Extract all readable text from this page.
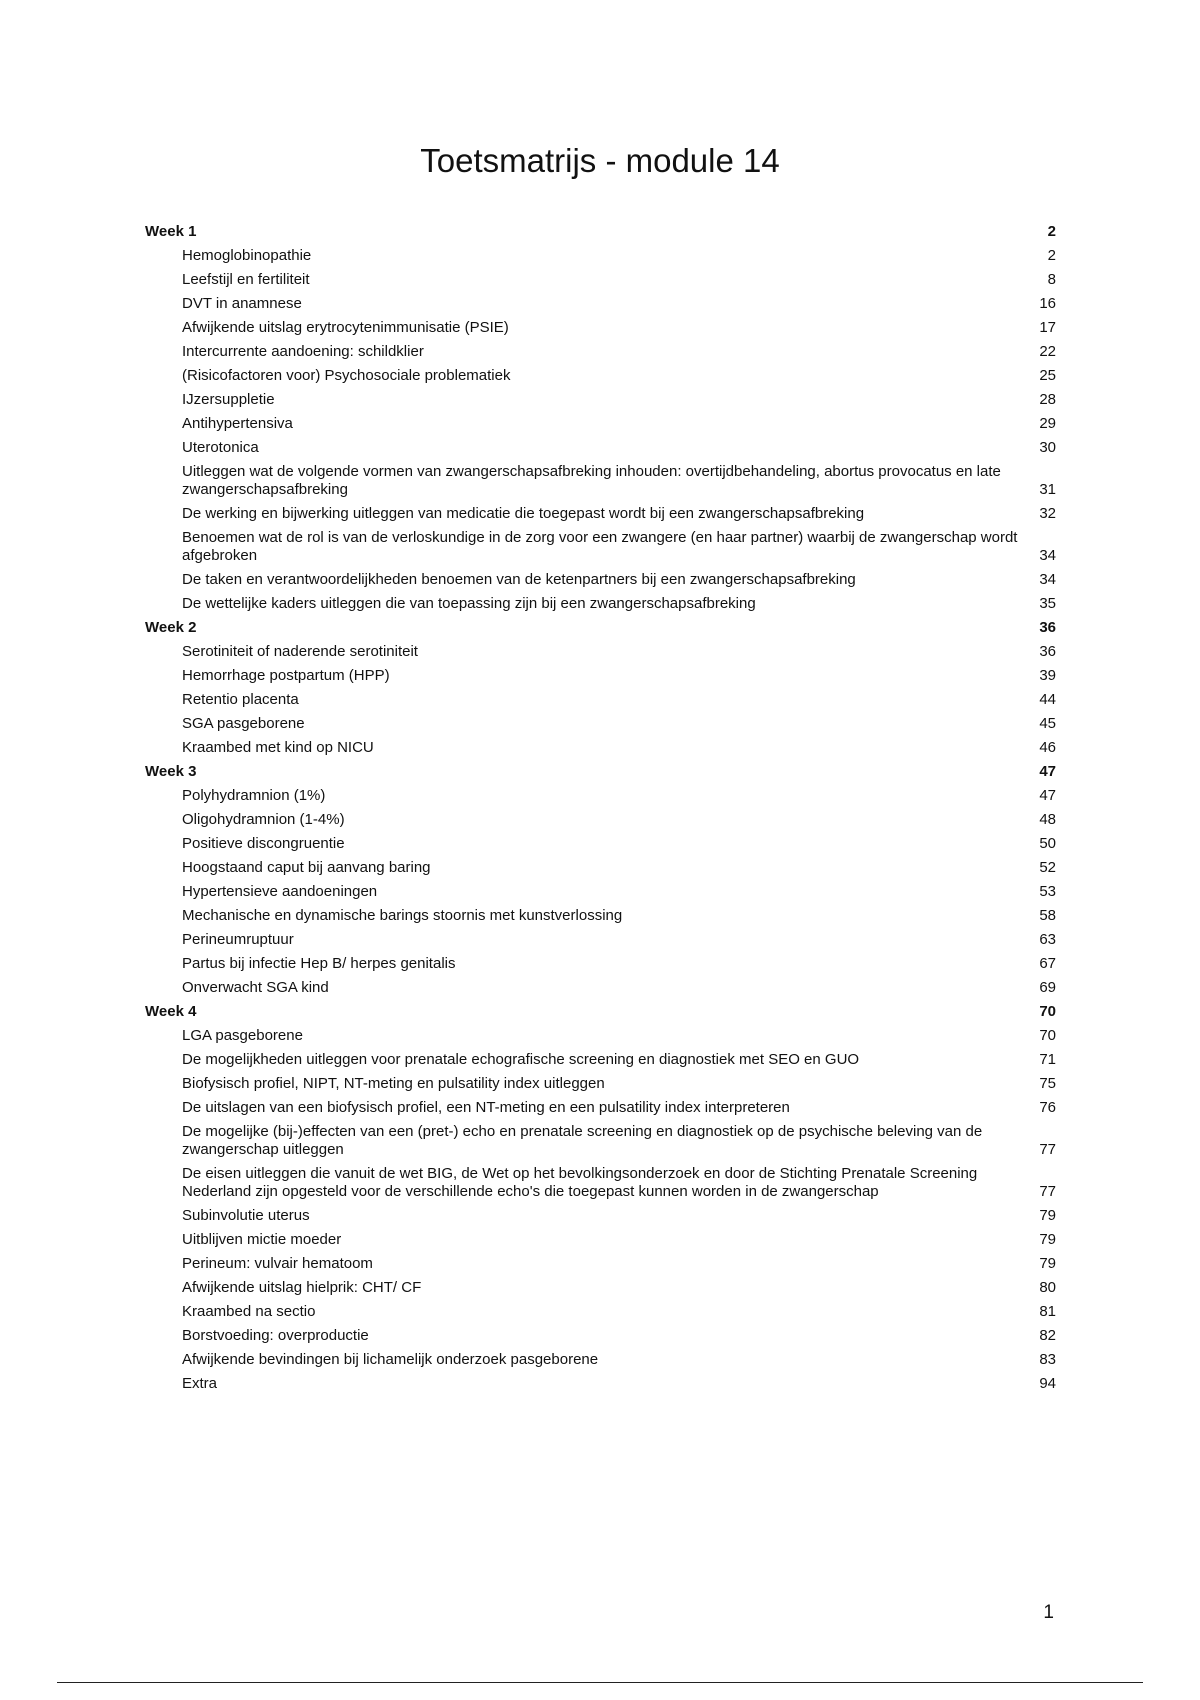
Toetsmatrijs - module 14
Week 1	2
Hemoglobinopathie	2
Leefstijl en fertiliteit	8
DVT in anamnese	16
Afwijkende uitslag erytrocytenimmunisatie (PSIE)	17
Intercurrente aandoening: schildklier	22
(Risicofactoren voor) Psychosociale problematiek	25
IJzersuppletie	28
Antihypertensiva	29
Uterotonica	30
Uitleggen wat de volgende vormen van zwangerschapsafbreking inhouden: overtijdbehandeling, abortus provocatus en late zwangerschapsafbreking	31
De werking en bijwerking uitleggen van medicatie die toegepast wordt bij een zwangerschapsafbreking	32
Benoemen wat de rol is van de verloskundige in de zorg voor een zwangere (en haar partner) waarbij de zwangerschap wordt afgebroken	34
De taken en verantwoordelijkheden benoemen van de ketenpartners bij een zwangerschapsafbreking	34
De wettelijke kaders uitleggen die van toepassing zijn bij een zwangerschapsafbreking	35
Week 2	36
Serotiniteit of naderende serotiniteit	36
Hemorrhage postpartum (HPP)	39
Retentio placenta	44
SGA pasgeborene	45
Kraambed met kind op NICU	46
Week 3	47
Polyhydramnion (1%)	47
Oligohydramnion (1-4%)	48
Positieve discongruentie	50
Hoogstaand caput bij aanvang baring	52
Hypertensieve aandoeningen	53
Mechanische en dynamische barings stoornis met kunstverlossing	58
Perineumruptuur	63
Partus bij infectie Hep B/ herpes genitalis	67
Onverwacht SGA kind	69
Week 4	70
LGA pasgeborene	70
De mogelijkheden uitleggen voor prenatale echografische screening en diagnostiek met SEO en GUO	71
Biofysisch profiel, NIPT, NT-meting en pulsatility index uitleggen	75
De uitslagen van een biofysisch profiel, een NT-meting en een pulsatility index interpreteren	76
De mogelijke (bij-)effecten van een (pret-) echo en prenatale screening en diagnostiek op de psychische beleving van de zwangerschap uitleggen	77
De eisen uitleggen die vanuit de wet BIG, de Wet op het bevolkingsonderzoek en door de Stichting Prenatale Screening Nederland zijn opgesteld voor de verschillende echo's die toegepast kunnen worden in de zwangerschap	77
Subinvolutie uterus	79
Uitblijven mictie moeder	79
Perineum: vulvair hematoom	79
Afwijkende uitslag hielprik: CHT/ CF	80
Kraambed na sectio	81
Borstvoeding: overproductie	82
Afwijkende bevindingen bij lichamelijk onderzoek pasgeborene	83
Extra	94
1
